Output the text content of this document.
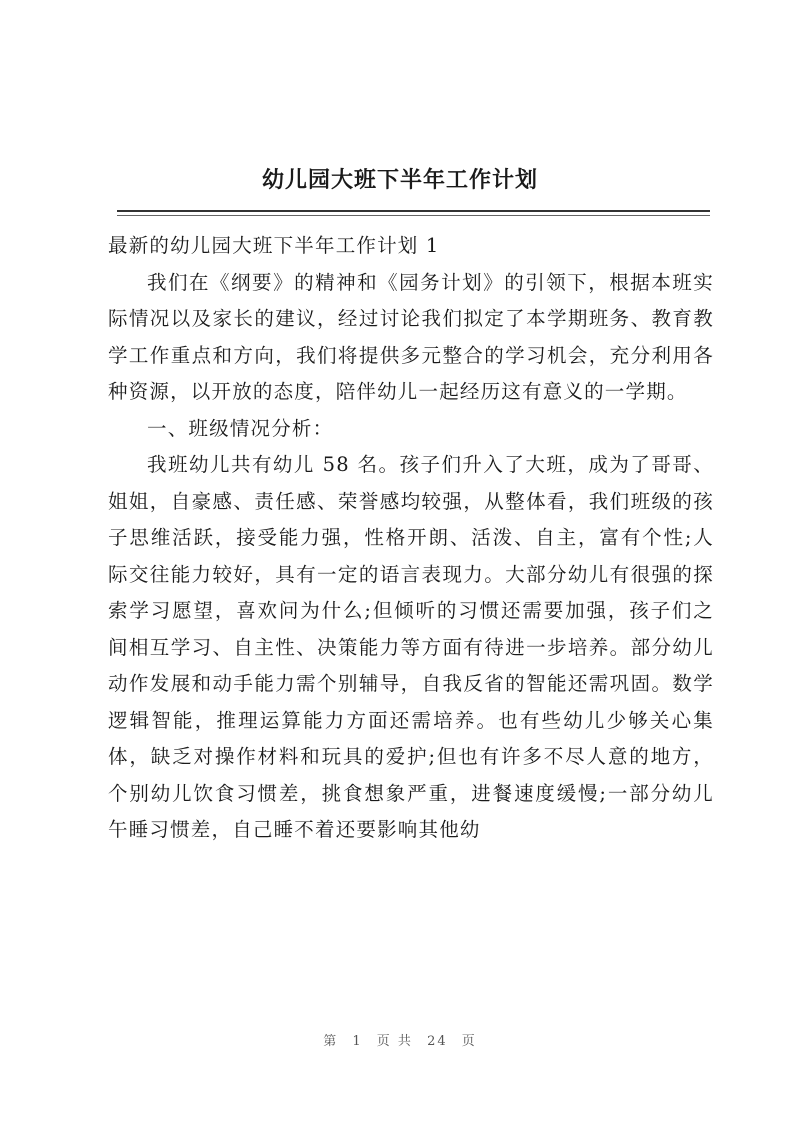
幼儿园大班下半年工作计划

最新的幼儿园大班下半年工作计划 1

我们在《纲要》的精神和《园务计划》的引领下，根据本班实际情况以及家长的建议，经过讨论我们拟定了本学期班务、教育教学工作重点和方向，我们将提供多元整合的学习机会，充分利用各种资源，以开放的态度，陪伴幼儿一起经历这有意义的一学期。

一、班级情况分析：

我班幼儿共有幼儿 58 名。孩子们升入了大班，成为了哥哥、姐姐，自豪感、责任感、荣誉感均较强，从整体看，我们班级的孩子思维活跃，接受能力强，性格开朗、活泼、自主，富有个性;人际交往能力较好，具有一定的语言表现力。大部分幼儿有很强的探索学习愿望，喜欢问为什么;但倾听的习惯还需要加强，孩子们之间相互学习、自主性、决策能力等方面有待进一步培养。部分幼儿动作发展和动手能力需个别辅导，自我反省的智能还需巩固。数学逻辑智能，推理运算能力方面还需培养。也有些幼儿少够关心集体，缺乏对操作材料和玩具的爱护;但也有许多不尽人意的地方，个别幼儿饮食习惯差，挑食想象严重，进餐速度缓慢;一部分幼儿午睡习惯差，自己睡不着还要影响其他幼

第 1 页 共 24 页
